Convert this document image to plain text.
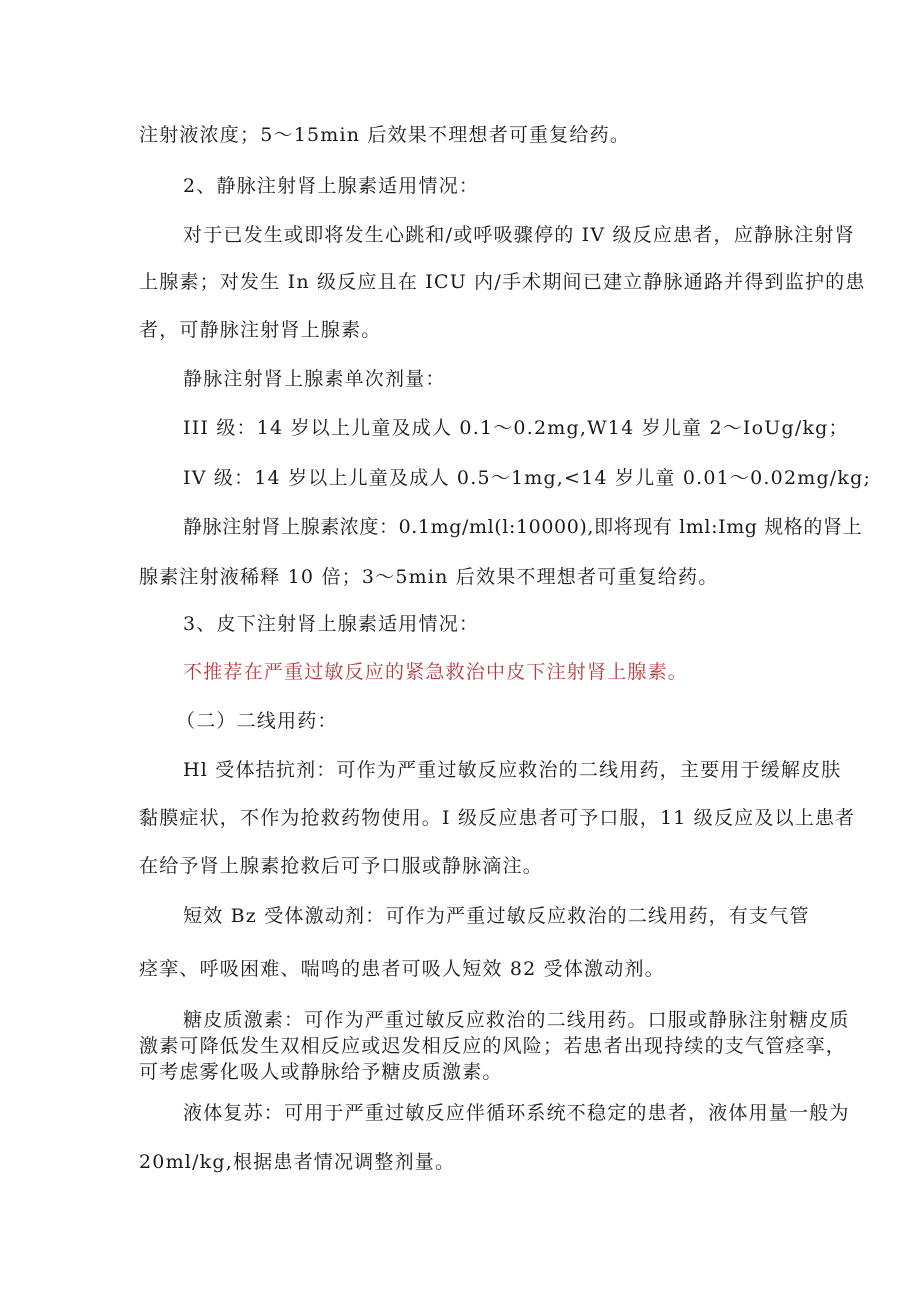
注射液浓度；5～15min 后效果不理想者可重复给药。
2、静脉注射肾上腺素适用情况：
对于已发生或即将发生心跳和/或呼吸骤停的 IV 级反应患者，应静脉注射肾
上腺素；对发生 In 级反应且在 ICU 内/手术期间已建立静脉通路并得到监护的患
者，可静脉注射肾上腺素。
静脉注射肾上腺素单次剂量：
III 级：14 岁以上儿童及成人 0.1～0.2mg,W14 岁儿童 2～IoUg/kg；
IV 级：14 岁以上儿童及成人 0.5～1mg,<14 岁儿童 0.01～0.02mg/kg;
静脉注射肾上腺素浓度：0.1mg/ml(l:10000),即将现有 lml:Img 规格的肾上
腺素注射液稀释 10 倍；3～5min 后效果不理想者可重复给药。
3、皮下注射肾上腺素适用情况：
不推荐在严重过敏反应的紧急救治中皮下注射肾上腺素。
（二）二线用药：
Hl 受体拮抗剂：可作为严重过敏反应救治的二线用药，主要用于缓解皮肤
黏膜症状，不作为抢救药物使用。I 级反应患者可予口服，11 级反应及以上患者
在给予肾上腺素抢救后可予口服或静脉滴注。
短效 Bz 受体激动剂：可作为严重过敏反应救治的二线用药，有支气管
痉挛、呼吸困难、喘鸣的患者可吸人短效 82 受体激动剂。
糖皮质激素：可作为严重过敏反应救治的二线用药。口服或静脉注射糖皮质
激素可降低发生双相反应或迟发相反应的风险；若患者出现持续的支气管痉挛，
可考虑雾化吸人或静脉给予糖皮质激素。
液体复苏：可用于严重过敏反应伴循环系统不稳定的患者，液体用量一般为
20ml/kg,根据患者情况调整剂量。
